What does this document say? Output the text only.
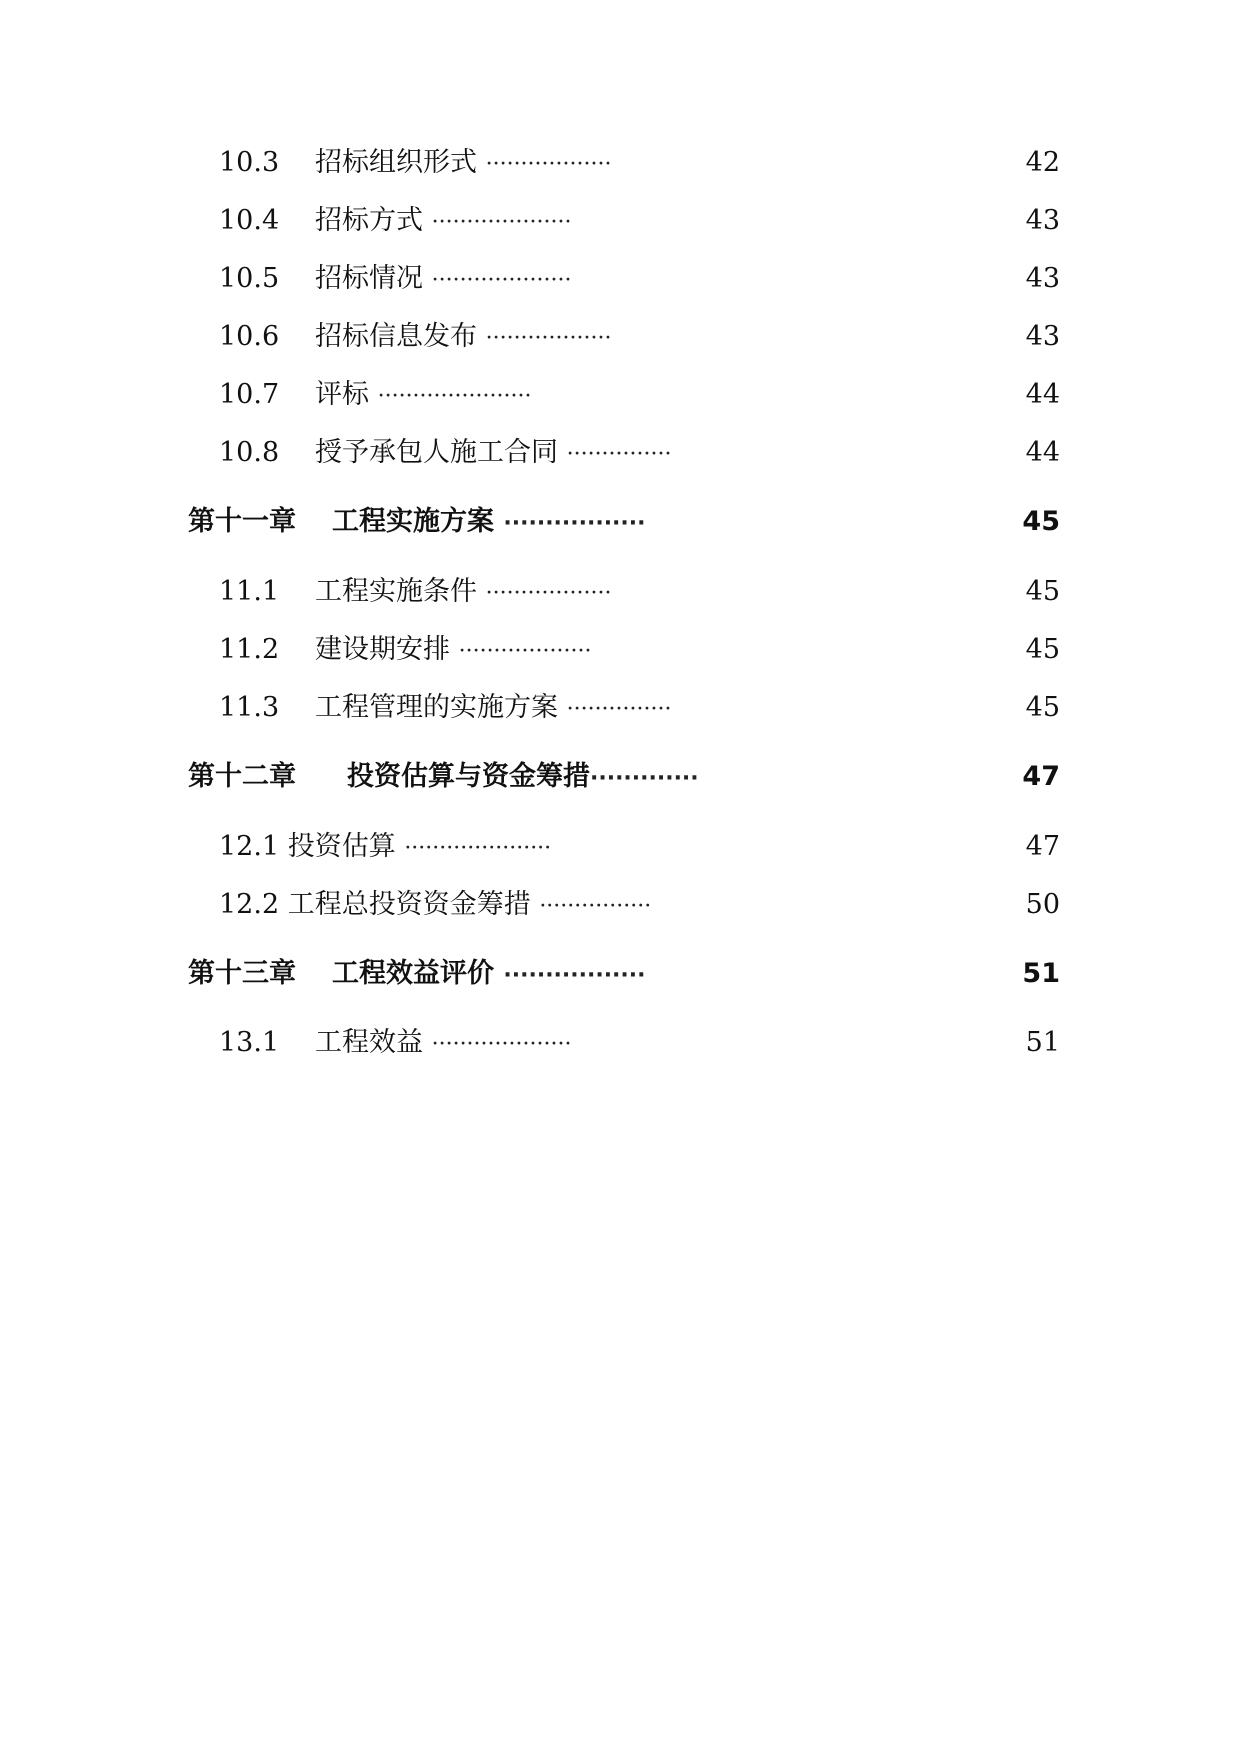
10.3 招标组织形式 ··················	42
10.4 招标方式 ····················	43
10.5 招标情况 ····················	43
10.6 招标信息发布 ··················	43
10.7 评标 ······················	44
10.8 授予承包人施工合同 ···············	44
第十一章 工程实施方案 ·················	45
11.1 工程实施条件 ··················	45
11.2 建设期安排 ···················	45
11.3 工程管理的实施方案 ···············	45
第十二章 投资估算与资金筹措·············	47
12.1 投资估算 ·····················	47
12.2 工程总投资资金筹措 ················	50
第十三章 工程效益评价 ·················	51
13.1 工程效益 ····················	51
